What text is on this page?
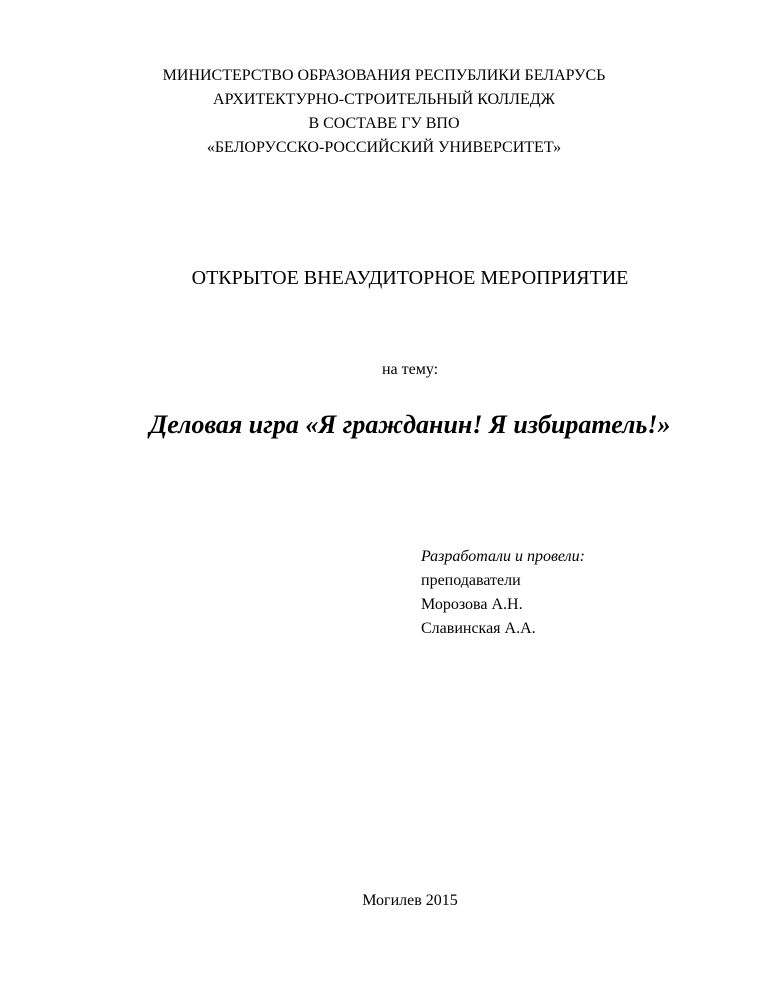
МИНИСТЕРСТВО ОБРАЗОВАНИЯ РЕСПУБЛИКИ БЕЛАРУСЬ
АРХИТЕКТУРНО-СТРОИТЕЛЬНЫЙ КОЛЛЕДЖ
В СОСТАВЕ ГУ ВПО
«БЕЛОРУССКО-РОССИЙСКИЙ УНИВЕРСИТЕТ»
ОТКРЫТОЕ ВНЕАУДИТОРНОЕ МЕРОПРИЯТИЕ
на тему:
Деловая игра «Я гражданин! Я избиратель!»
Разработали и провели:
преподаватели
Морозова А.Н.
Славинская А.А.
Могилев 2015
